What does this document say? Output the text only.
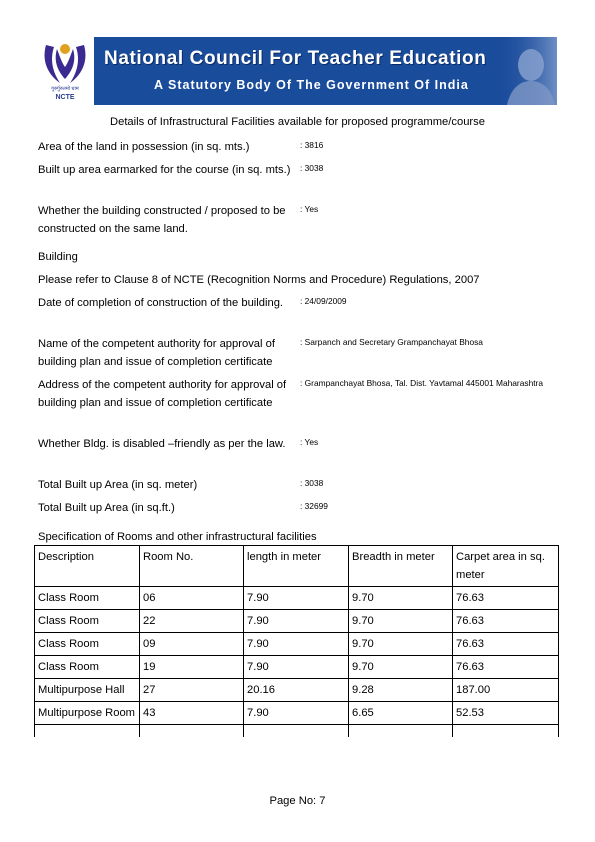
गुरुर्गुरुतमो धाम
NCTE
National Council For Teacher Education
A Statutory Body Of The Government Of India
Details of Infrastructural Facilities available for proposed programme/course
Area of the land in possession (in sq. mts.)	: 3816
Built up area earmarked for the course (in sq. mts.)	: 3038
Whether the building constructed / proposed to be constructed on the same land.
: Yes
Building
Please refer to Clause 8 of NCTE (Recognition Norms and Procedure) Regulations, 2007
Date of completion of construction of the building.	: 24/09/2009
Name of the competent authority for approval of building plan and issue of completion certificate
: Sarpanch and Secretary Grampanchayat Bhosa
Address of the competent authority for approval of building plan and issue of completion certificate
: Grampanchayat Bhosa, Tal. Dist. Yavtamal 445001 Maharashtra
Whether Bldg. is disabled –friendly as per the law.	: Yes
Total Built up Area (in sq. meter)	: 3038
Total Built up Area (in sq.ft.)	: 32699
Specification of Rooms and other infrastructural facilities
Description	Room No.	length in meter	Breadth in meter	Carpet area in sq. meter
Class Room	06	7.90	9.70	76.63
Class Room	22	7.90	9.70	76.63
Class Room	09	7.90	9.70	76.63
Class Room	19	7.90	9.70	76.63
Multipurpose Hall	27	20.16	9.28	187.00
Multipurpose Room	43	7.90	6.65	52.53

Page No: 7
